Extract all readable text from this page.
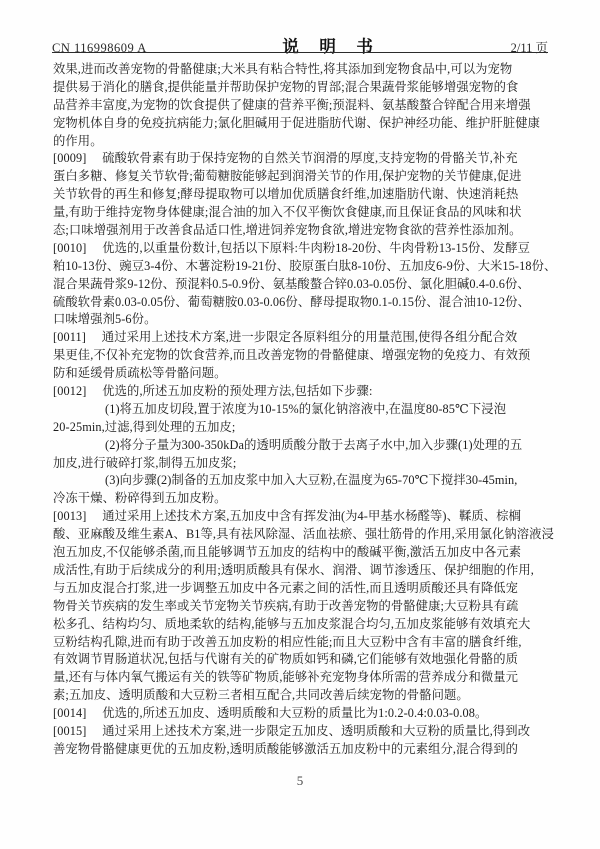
CN 116998609 A	说　明　书	2/11 页
效果,进而改善宠物的骨骼健康;大米具有粘合特性,将其添加到宠物食品中,可以为宠物
提供易于消化的膳食,提供能量并帮助保护宠物的胃部;混合果蔬骨浆能够增强宠物的食
品营养丰富度,为宠物的饮食提供了健康的营养平衡;预混料、氨基酸螯合锌配合用来增强
宠物机体自身的免疫抗病能力;氯化胆碱用于促进脂肪代谢、保护神经功能、维护肝脏健康
的作用。
[0009]     硫酸软骨素有助于保持宠物的自然关节润滑的厚度,支持宠物的骨骼关节,补充
蛋白多糖、修复关节软骨;葡萄糖胺能够起到润滑关节的作用,保护宠物的关节健康,促进
关节软骨的再生和修复;酵母提取物可以增加优质膳食纤维,加速脂肪代谢、快速消耗热
量,有助于维持宠物身体健康;混合油的加入不仅平衡饮食健康,而且保证食品的风味和状
态;口味增强剂用于改善食品适口性,增进饲养宠物食欲,增进宠物食欲的营养性添加剂。
[0010]     优选的,以重量份数计,包括以下原料:牛肉粉18-20份、牛肉骨粉13-15份、发酵豆
粕10-13份、豌豆3-4份、木薯淀粉19-21份、胶原蛋白肽8-10份、五加皮6-9份、大米15-18份、
混合果蔬骨浆9-12份、预混料0.5-0.9份、氨基酸螯合锌0.03-0.05份、氯化胆碱0.4-0.6份、
硫酸软骨素0.03-0.05份、葡萄糖胺0.03-0.06份、酵母提取物0.1-0.15份、混合油10-12份、
口味增强剂5-6份。
[0011]     通过采用上述技术方案,进一步限定各原料组分的用量范围,使得各组分配合效
果更佳,不仅补充宠物的饮食营养,而且改善宠物的骨骼健康、增强宠物的免疫力、有效预
防和延缓骨质疏松等骨骼问题。
[0012]     优选的,所述五加皮粉的预处理方法,包括如下步骤:
(1)将五加皮切段,置于浓度为10-15%的氯化钠溶液中,在温度80-85℃下浸泡
20-25min,过滤,得到处理的五加皮;
(2)将分子量为300-350kDa的透明质酸分散于去离子水中,加入步骤(1)处理的五
加皮,进行破碎打浆,制得五加皮浆;
(3)向步骤(2)制备的五加皮浆中加入大豆粉,在温度为65-70℃下搅拌30-45min,
冷冻干燥、粉碎得到五加皮粉。
[0013]     通过采用上述技术方案,五加皮中含有挥发油(为4-甲基水杨醛等)、鞣质、棕榈
酸、亚麻酸及维生素A、B1等,具有祛风除湿、活血祛瘀、强壮筋骨的作用,采用氯化钠溶液浸
泡五加皮,不仅能够杀菌,而且能够调节五加皮的结构中的酸碱平衡,激活五加皮中各元素
成活性,有助于后续成分的利用;透明质酸具有保水、润滑、调节渗透压、保护细胞的作用,
与五加皮混合打浆,进一步调整五加皮中各元素之间的活性,而且透明质酸还具有降低宠
物骨关节疾病的发生率或关节宠物关节疾病,有助于改善宠物的骨骼健康;大豆粉具有疏
松多孔、结构均匀、质地柔软的结构,能够与五加皮浆混合均匀,五加皮浆能够有效填充大
豆粉结构孔隙,进而有助于改善五加皮粉的相应性能;而且大豆粉中含有丰富的膳食纤维,
有效调节胃肠道状况,包括与代谢有关的矿物质如钙和磷,它们能够有效地强化骨骼的质
量,还有与体内氧气搬运有关的铁等矿物质,能够补充宠物身体所需的营养成分和微量元
素;五加皮、透明质酸和大豆粉三者相互配合,共同改善后续宠物的骨骼问题。
[0014]     优选的,所述五加皮、透明质酸和大豆粉的质量比为1:0.2-0.4:0.03-0.08。
[0015]     通过采用上述技术方案,进一步限定五加皮、透明质酸和大豆粉的质量比,得到改
善宠物骨骼健康更优的五加皮粉,透明质酸能够激活五加皮粉中的元素组分,混合得到的
5
